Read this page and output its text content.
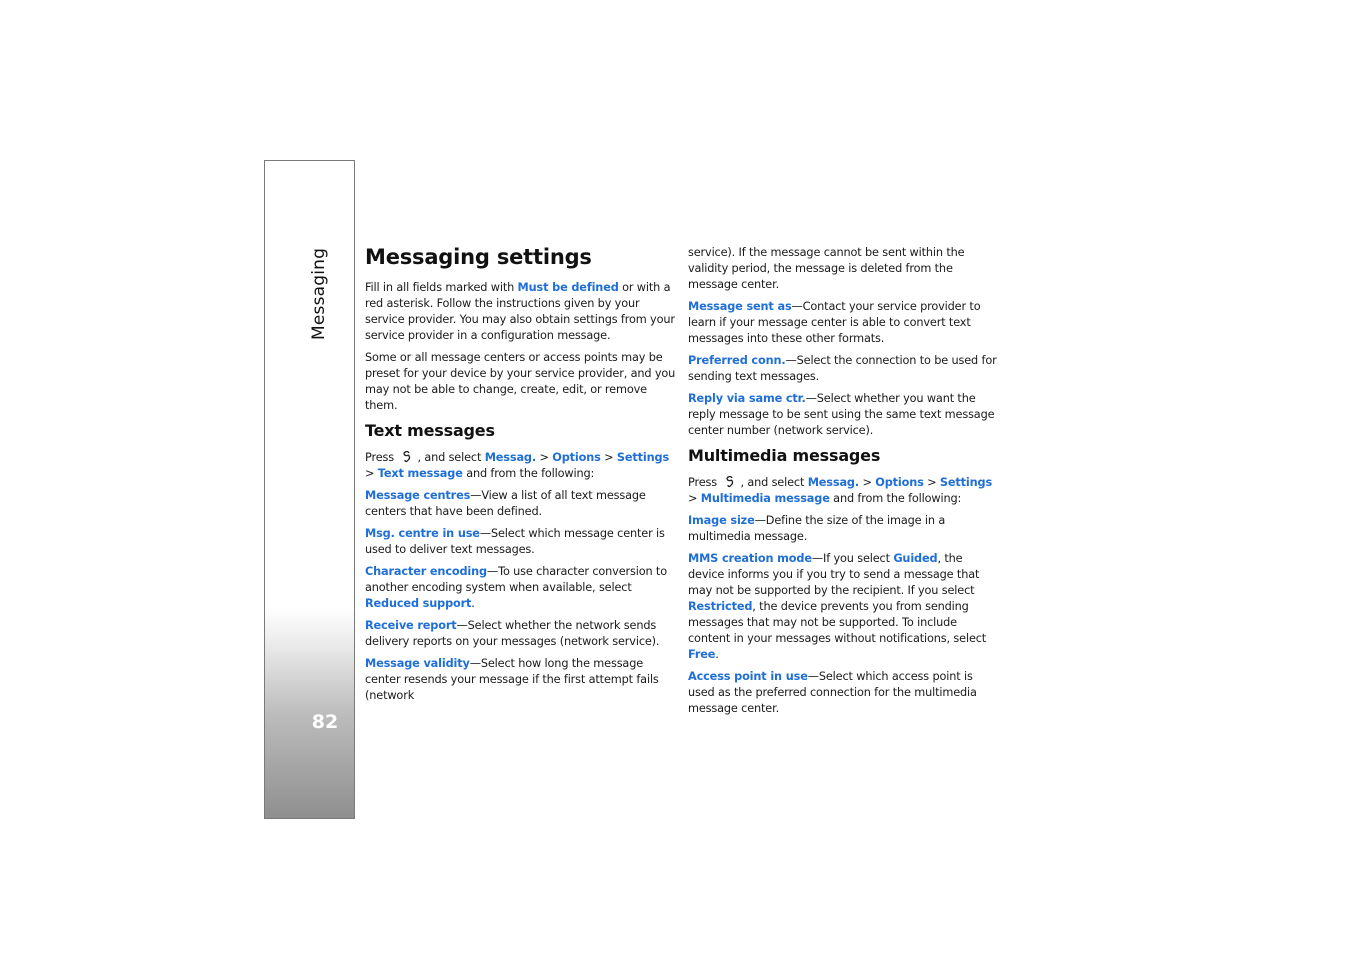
Messaging
82
Messaging settings

Fill in all fields marked with Must be defined or with a red asterisk. Follow the instructions given by your service provider. You may also obtain settings from your service provider in a configuration message.

Some or all message centers or access points may be preset for your device by your service provider, and you may not be able to change, create, edit, or remove them.

Text messages

Press , and select Messag. > Options > Settings > Text message and from the following:

Message centres—View a list of all text message centers that have been defined.

Msg. centre in use—Select which message center is used to deliver text messages.

Character encoding—To use character conversion to another encoding system when available, select Reduced support.

Receive report—Select whether the network sends delivery reports on your messages (network service).

Message validity—Select how long the message center resends your message if the first attempt fails (network

service). If the message cannot be sent within the validity period, the message is deleted from the message center.

Message sent as—Contact your service provider to learn if your message center is able to convert text messages into these other formats.

Preferred conn.—Select the connection to be used for sending text messages.

Reply via same ctr.—Select whether you want the reply message to be sent using the same text message center number (network service).

Multimedia messages

Press , and select Messag. > Options > Settings > Multimedia message and from the following:

Image size—Define the size of the image in a multimedia message.

MMS creation mode—If you select Guided, the device informs you if you try to send a message that may not be supported by the recipient. If you select Restricted, the device prevents you from sending messages that may not be supported. To include content in your messages without notifications, select Free.

Access point in use—Select which access point is used as the preferred connection for the multimedia message center.
